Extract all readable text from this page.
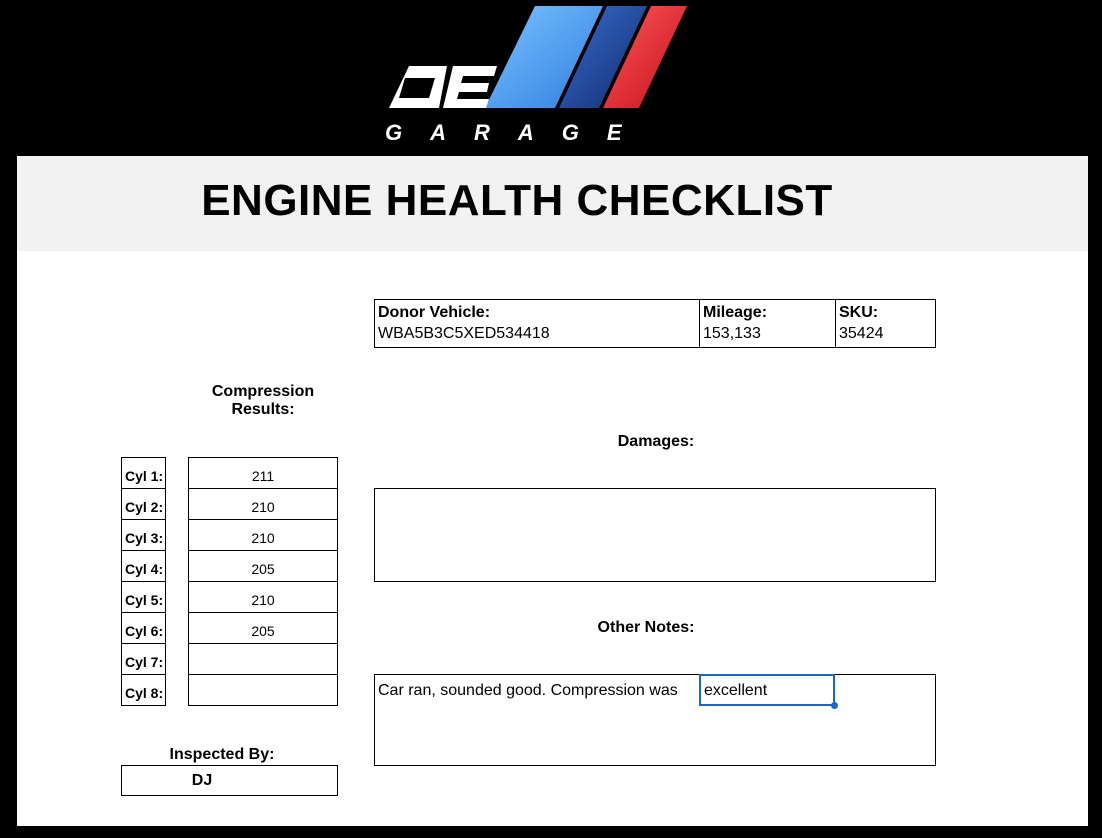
GARAGE
ENGINE HEALTH CHECKLIST
Donor Vehicle:
WBA5B3C5XED534418
Mileage:
153,133
SKU:
35424
Compression
Results:
Cyl 1:	211
Cyl 2:	210
Cyl 3:	210
Cyl 4:	205
Cyl 5:	210
Cyl 6:	205
Cyl 7:
Cyl 8:
Damages:
Other Notes:
Car ran, sounded good. Compression was excellent
Inspected By:
DJ
